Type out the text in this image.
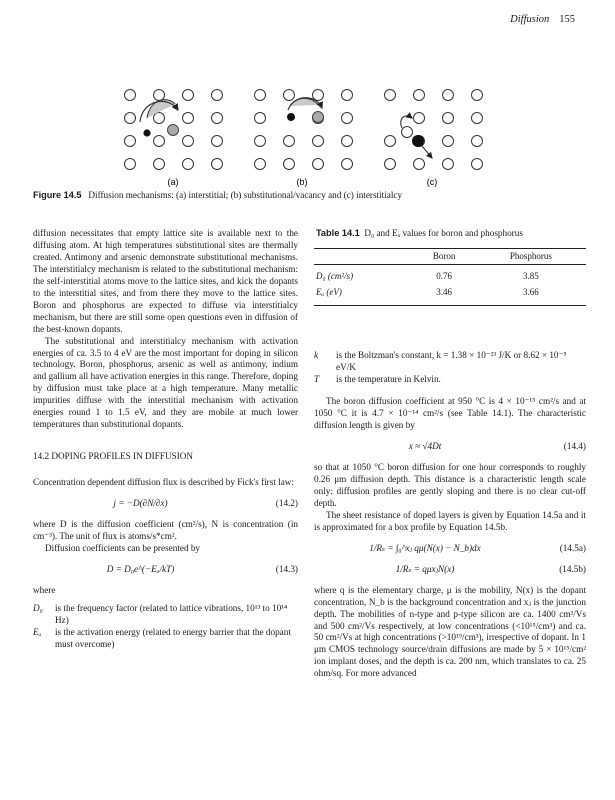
Diffusion 155
(a)	(b)	(c)
Figure 14.5 Diffusion mechanisms: (a) interstitial; (b) substitutional/vacancy and (c) interstitialcy

diffusion necessitates that empty lattice site is available next to the diffusing atom. At high temperatures substitutional sites are thermally created. Antimony and arsenic demonstrate substitutional mechanisms. The interstitialcy mechanism is related to the substitutional mechanism: the self-interstitial atoms move to the lattice sites, and kick the dopants to the interstitial sites, and from there they move to the lattice sites. Boron and phosphorus are expected to diffuse via interstitialcy mechanism, but there are still some open questions even in diffusion of the best-known dopants.

The substitutional and interstitialcy mechanism with activation energies of ca. 3.5 to 4 eV are the most important for doping in silicon technology. Boron, phosphorus, arsenic as well as antimony, indium and gallium all have activation energies in this range. Therefore, doping by diffusion must take place at a high temperature. Many metallic impurities diffuse with the interstitial mechanism with activation energies round 1 to 1.5 eV, and they are mobile at much lower temperatures than substitutional dopants.

14.2 DOPING PROFILES IN DIFFUSION

Concentration dependent diffusion flux is described by Fick's first law:

j = −D(∂N/∂x)	(14.2)

where D is the diffusion coefficient (cm²/s), N is concentration (in cm⁻³). The unit of flux is atoms/s*cm².

Diffusion coefficients can be presented by

D = D₀e^(−Eₐ/kT)	(14.3)

where

D₀	is the frequency factor (related to lattice vibrations, 10¹³ to 10¹⁴ Hz)
Eₐ	is the activation energy (related to energy barrier that the dopant must overcome)
Table 14.1 D₀ and Eₐ values for boron and phosphorus
	Boron	Phosphorus
D₀ (cm²/s)	0.76	3.85
Eₐ (eV)	3.46	3.66
k	is the Boltzman's constant, k = 1.38 × 10⁻²³ J/K or 8.62 × 10⁻⁵ eV/K
T	is the temperature in Kelvin.

The boron diffusion coefficient at 950 °C is 4 × 10⁻¹⁵ cm²/s and at 1050 °C it is 4.7 × 10⁻¹⁴ cm²/s (see Table 14.1). The characteristic diffusion length is given by

x ≈ √4Dt	(14.4)

so that at 1050 °C boron diffusion for one hour corresponds to roughly 0.26 μm diffusion depth. This distance is a characteristic length scale only: diffusion profiles are gently sloping and there is no clear cut-off depth.

The sheet resistance of doped layers is given by Equation 14.5a and it is approximated for a box profile by Equation 14.5b.

1/Rₛ = ∫₀^xⱼ qμ(N(x) − N_b)dx	(14.5a)
1/Rₛ = qμxⱼN(x)	(14.5b)

where q is the elementary charge, μ is the mobility, N(x) is the dopant concentration, N_b is the background concentration and xⱼ is the junction depth. The mobilities of n-type and p-type silicon are ca. 1400 cm²/Vs and 500 cm²/Vs respectively, at low concentrations (<10¹⁵/cm³) and ca. 50 cm²/Vs at high concentrations (>10¹⁹/cm³), irrespective of dopant. In 1 μm CMOS technology source/drain diffusions are made by 5 × 10¹⁵/cm² ion implant doses, and the depth is ca. 200 nm, which translates to ca. 25 ohm/sq. For more advanced
